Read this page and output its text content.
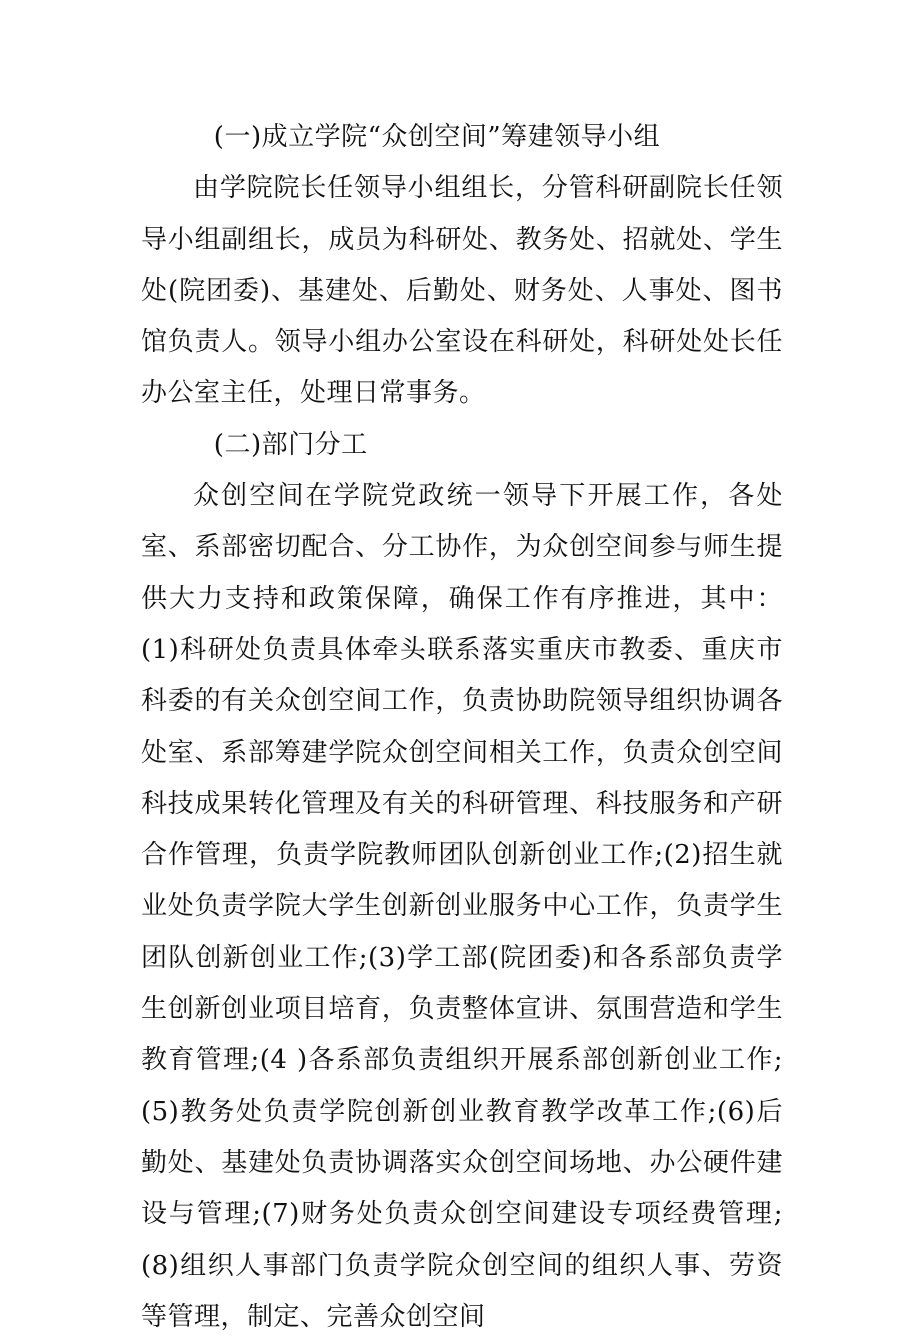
(一)成立学院“众创空间”筹建领导小组

由学院院长任领导小组组长，分管科研副院长任领导小组副组长，成员为科研处、教务处、招就处、学生处(院团委)、基建处、后勤处、财务处、人事处、图书馆负责人。领导小组办公室设在科研处，科研处处长任办公室主任，处理日常事务。

(二)部门分工

众创空间在学院党政统一领导下开展工作，各处室、系部密切配合、分工协作，为众创空间参与师生提供大力支持和政策保障，确保工作有序推进，其中：(1)科研处负责具体牵头联系落实重庆市教委、重庆市科委的有关众创空间工作，负责协助院领导组织协调各处室、系部筹建学院众创空间相关工作，负责众创空间科技成果转化管理及有关的科研管理、科技服务和产研合作管理，负责学院教师团队创新创业工作;(2)招生就业处负责学院大学生创新创业服务中心工作，负责学生团队创新创业工作;(3)学工部(院团委)和各系部负责学生创新创业项目培育，负责整体宣讲、氛围营造和学生教育管理;(4 )各系部负责组织开展系部创新创业工作;(5)教务处负责学院创新创业教育教学改革工作;(6)后勤处、基建处负责协调落实众创空间场地、办公硬件建设与管理;(7)财务处负责众创空间建设专项经费管理;(8)组织人事部门负责学院众创空间的组织人事、劳资等管理，制定、完善众创空间
